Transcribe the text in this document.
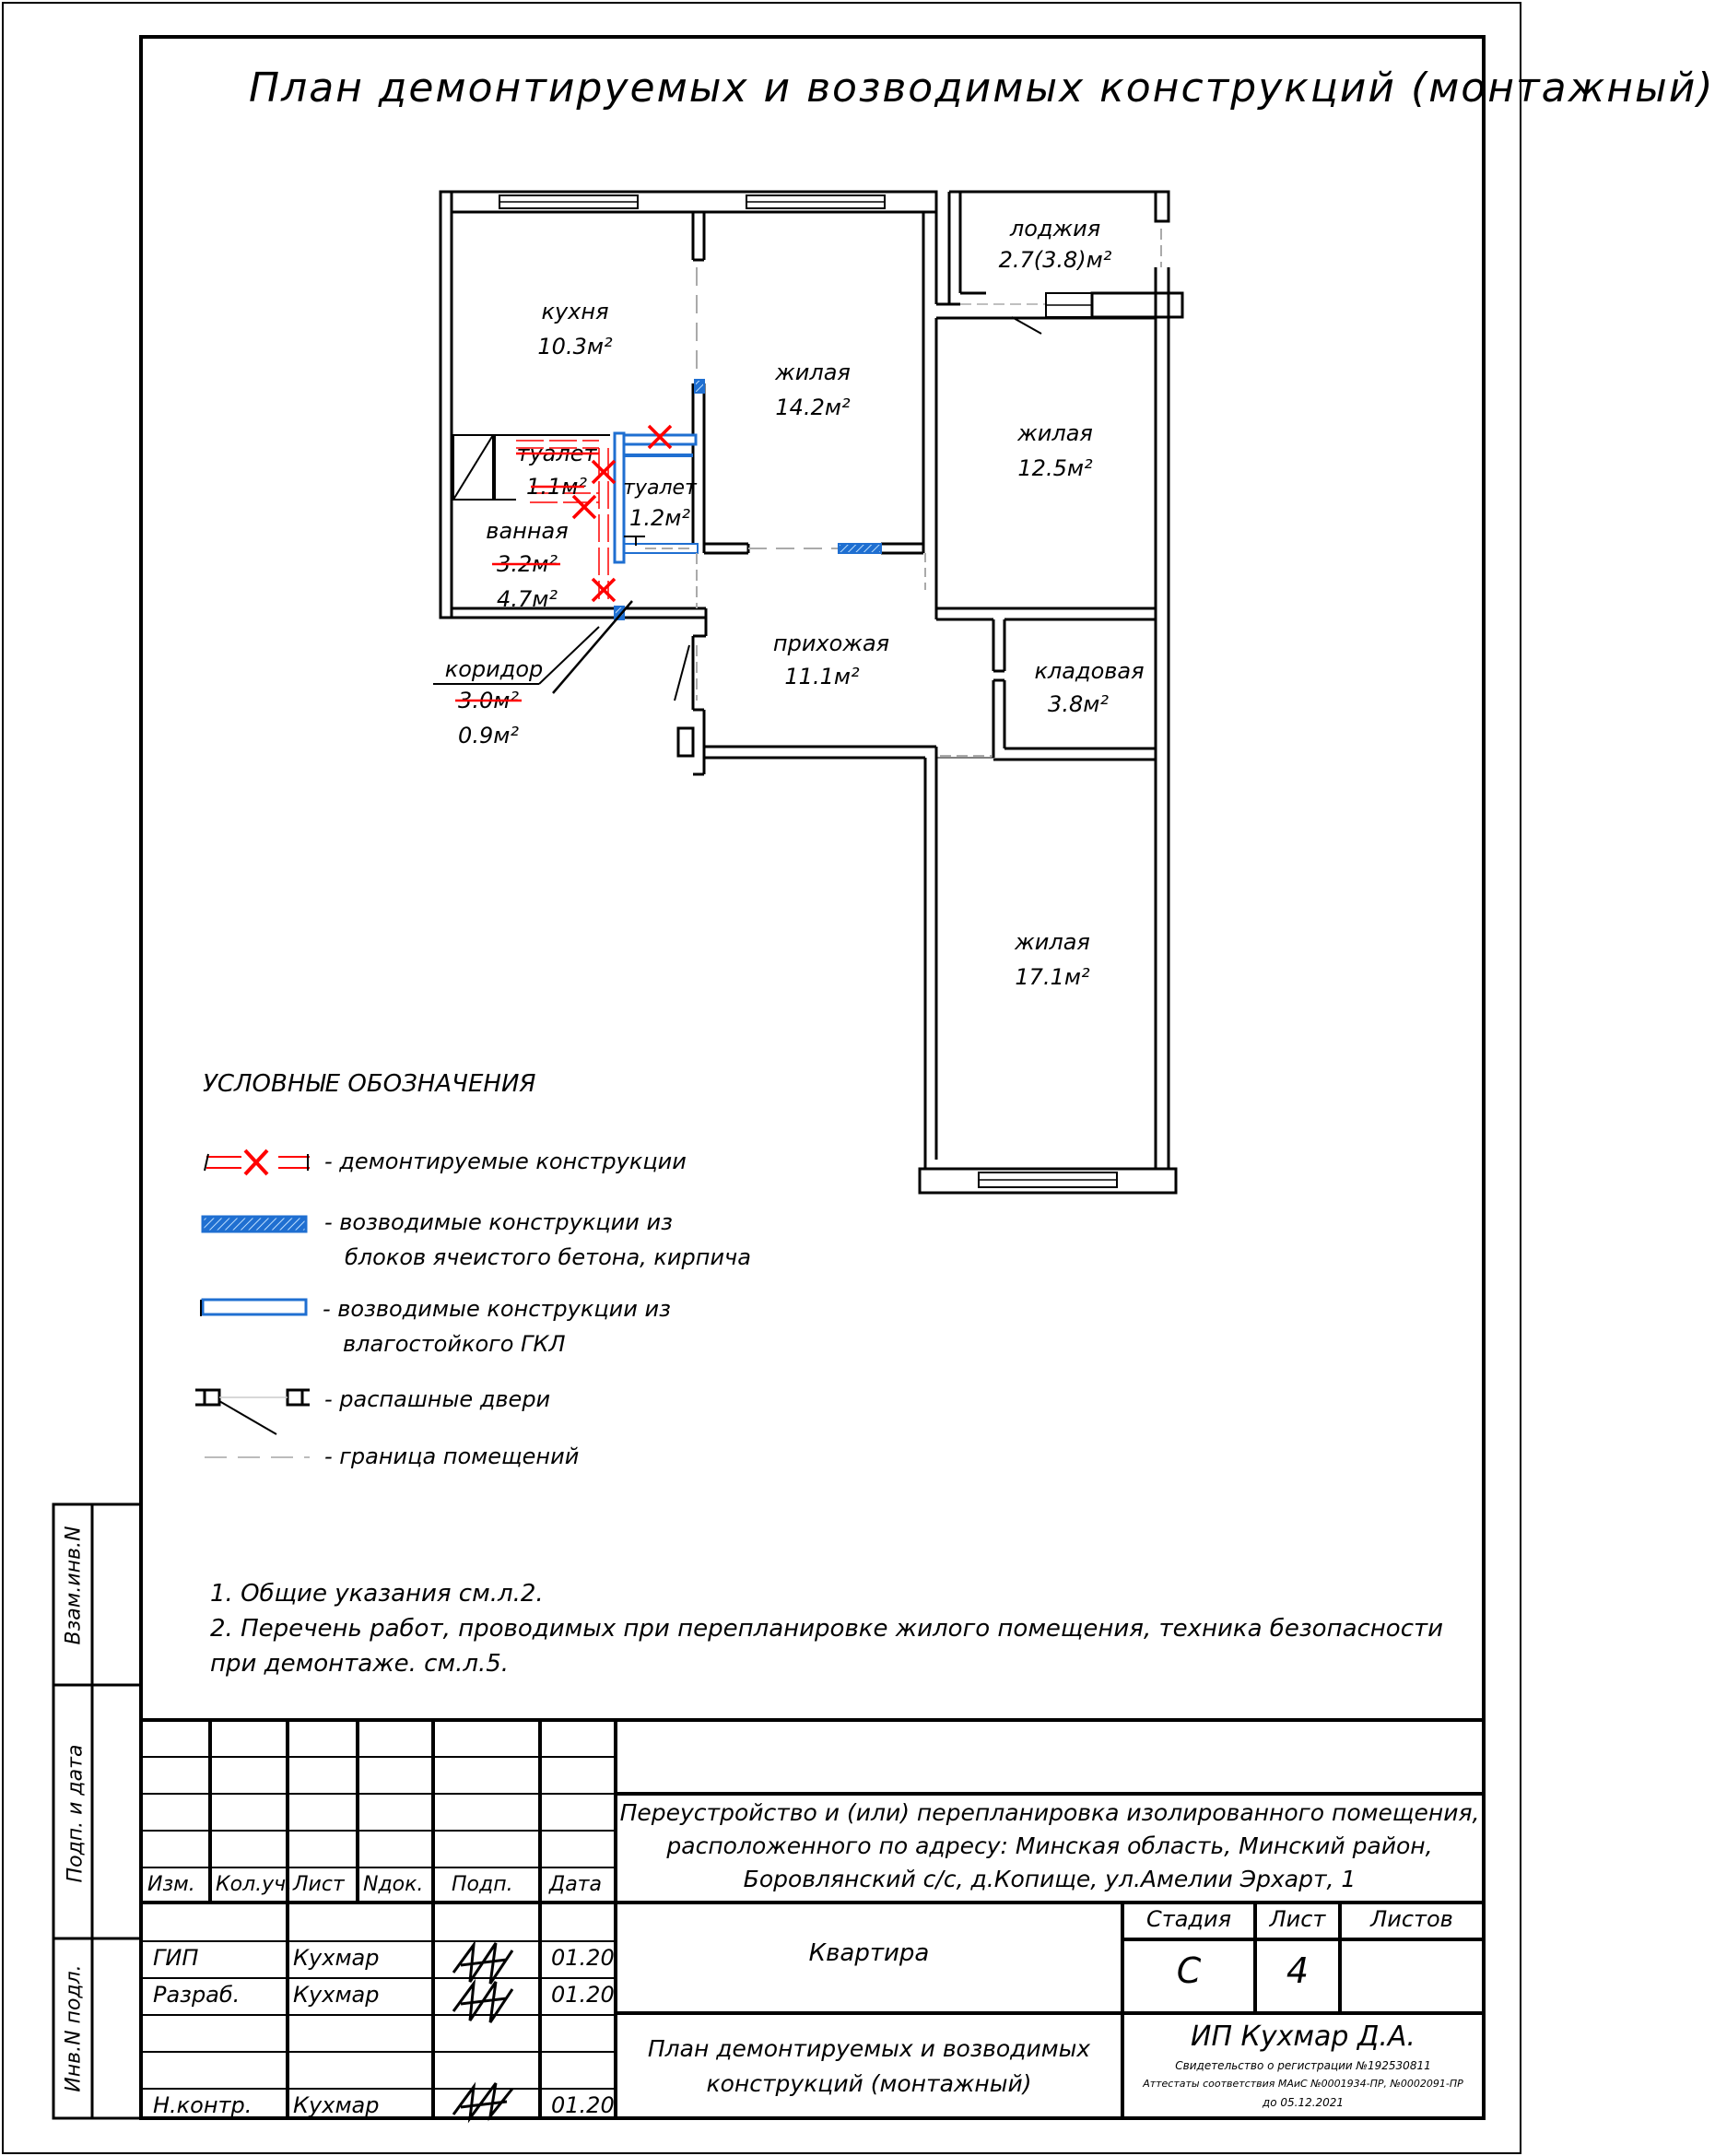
кухня
10.3м²
жилая
14.2м²
лоджия
2.7(3.8)м²
жилая
12.5м²
туалет
1.1м² туалет
1.2м²
ванная
3.2м²
4.7м²
коридор
3.0м²
0.9м²
прихожая
11.1м²	кладовая
3.8м²
жилая
17.1м²
УСЛОВНЫЕ ОБОЗНАЧЕНИЯ
- демонтируемые конструкции
- возводимые конструкции из
блоков ячеистого бетона, кирпича
- возводимые конструкции из
влагостойкого ГКЛ
- распашные двери
- граница помещений
План демонтируемых и возводимых конструкций (монтажный)
1. Общие указания см.л.2.
2. Перечень работ, проводимых при перепланировке жилого помещения, техника безопасности
при демонтаже. см.л.5.
Взам.инв.N
Подп. и дата
Инв.N подл.
Изм. Кол.уч. Лист Nдок. Подп. Дата
ГИП	Кухмар	01.20
Разраб. Кухмар	01.20
Н.контр. Кухмар	01.20
Переустройство и (или) перепланировка изолированного помещения,
расположенного по адресу: Минская область, Минский район,
Боровлянский с/с, д.Копище, ул.Амелии Эрхарт, 1
Квартира
Стадия	Лист	Листов
С	4
План демонтируемых и возводимых
конструкций (монтажный)
ИП Кухмар Д.А.
Свидетельство о регистрации №192530811
Аттестаты соответствия МАиС №0001934-ПР, №0002091-ПР
до 05.12.2021
